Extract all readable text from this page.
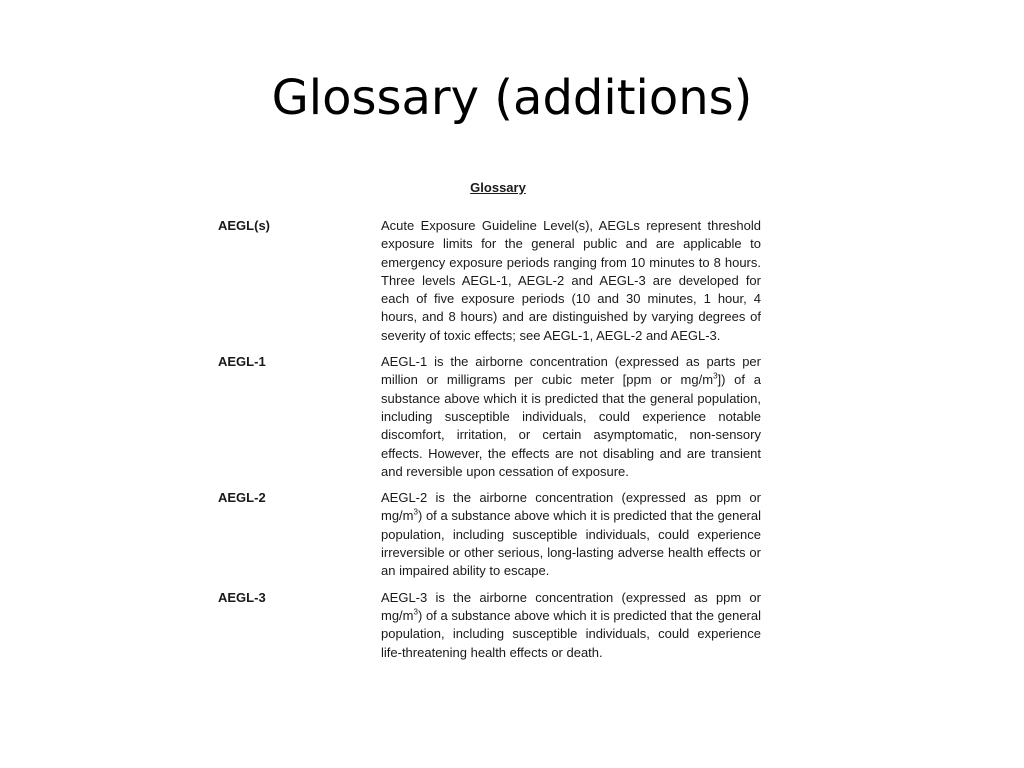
Glossary (additions)
Glossary
AEGL(s)	Acute Exposure Guideline Level(s), AEGLs represent threshold exposure limits for the general public and are applicable to emergency exposure periods ranging from 10 minutes to 8 hours. Three levels AEGL-1, AEGL-2 and AEGL-3 are developed for each of five exposure periods (10 and 30 minutes, 1 hour, 4 hours, and 8 hours) and are distinguished by varying degrees of severity of toxic effects; see AEGL-1, AEGL-2 and AEGL-3.
AEGL-1	AEGL-1 is the airborne concentration (expressed as parts per million or milligrams per cubic meter [ppm or $mg/m^3$]) of a substance above which it is predicted that the general population, including susceptible individuals, could experience notable discomfort, irritation, or certain asymptomatic, non-sensory effects. However, the effects are not disabling and are transient and reversible upon cessation of exposure.
AEGL-2	AEGL-2 is the airborne concentration (expressed as ppm or $mg/m^3$) of a substance above which it is predicted that the general population, including susceptible individuals, could experience irreversible or other serious, long-lasting adverse health effects or an impaired ability to escape.
AEGL-3	AEGL-3 is the airborne concentration (expressed as ppm or $mg/m^3$) of a substance above which it is predicted that the general population, including susceptible individuals, could experience life-threatening health effects or death.
